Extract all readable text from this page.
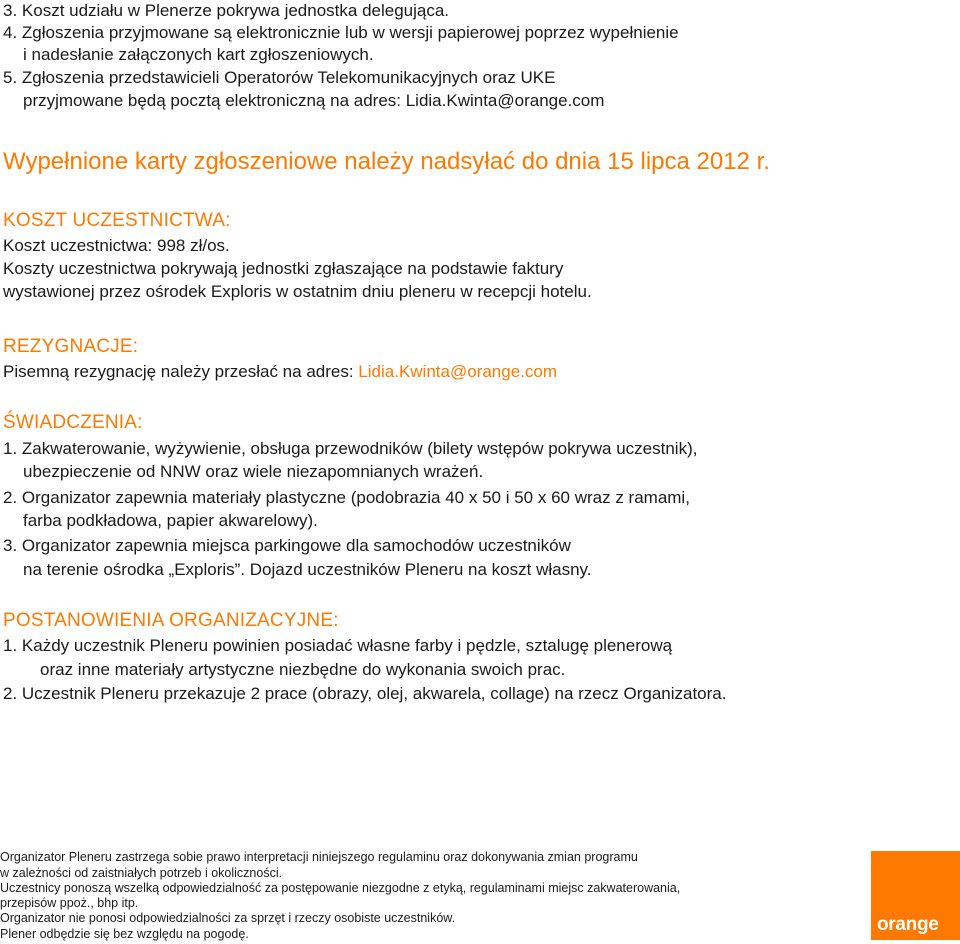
3. Koszt udziału w Plenerze pokrywa jednostka delegująca.
4. Zgłoszenia przyjmowane są elektronicznie lub w wersji papierowej poprzez wypełnienie
i nadesłanie załączonych kart zgłoszeniowych.
5. Zgłoszenia przedstawicieli Operatorów Telekomunikacyjnych oraz UKE
przyjmowane będą pocztą elektroniczną na adres: Lidia.Kwinta@orange.com
Wypełnione karty zgłoszeniowe należy nadsyłać do dnia 15 lipca 2012 r.
KOSZT UCZESTNICTWA:
Koszt uczestnictwa: 998 zł/os.
Koszty uczestnictwa pokrywają jednostki zgłaszające na podstawie faktury
wystawionej przez ośrodek Exploris w ostatnim dniu pleneru w recepcji hotelu.
REZYGNACJE:
Pisemną rezygnację należy przesłać na adres: Lidia.Kwinta@orange.com
ŚWIADCZENIA:
1. Zakwaterowanie, wyżywienie, obsługa przewodników (bilety wstępów pokrywa uczestnik),
ubezpieczenie od NNW oraz wiele niezapomnianych wrażeń.
2. Organizator zapewnia materiały plastyczne (podobrazia 40 x 50 i 50 x 60 wraz z ramami,
farba podkładowa, papier akwarelowy).
3. Organizator zapewnia miejsca parkingowe dla samochodów uczestników
na terenie ośrodka „Exploris”. Dojazd uczestników Pleneru na koszt własny.
POSTANOWIENIA ORGANIZACYJNE:
1. Każdy uczestnik Pleneru powinien posiadać własne farby i pędzle, sztalugę plenerową
oraz inne materiały artystyczne niezbędne do wykonania swoich prac.
2. Uczestnik Pleneru przekazuje 2 prace (obrazy, olej, akwarela, collage) na rzecz Organizatora.
Organizator Pleneru zastrzega sobie prawo interpretacji niniejszego regulaminu oraz dokonywania zmian programu
w zależności od zaistniałych potrzeb i okoliczności.
Uczestnicy ponoszą wszelką odpowiedzialność za postępowanie niezgodne z etyką, regulaminami miejsc zakwaterowania,
przepisów ppoż., bhp itp.
Organizator nie ponosi odpowiedzialności za sprzęt i rzeczy osobiste uczestników.
Plener odbędzie się bez względu na pogodę.	orange
